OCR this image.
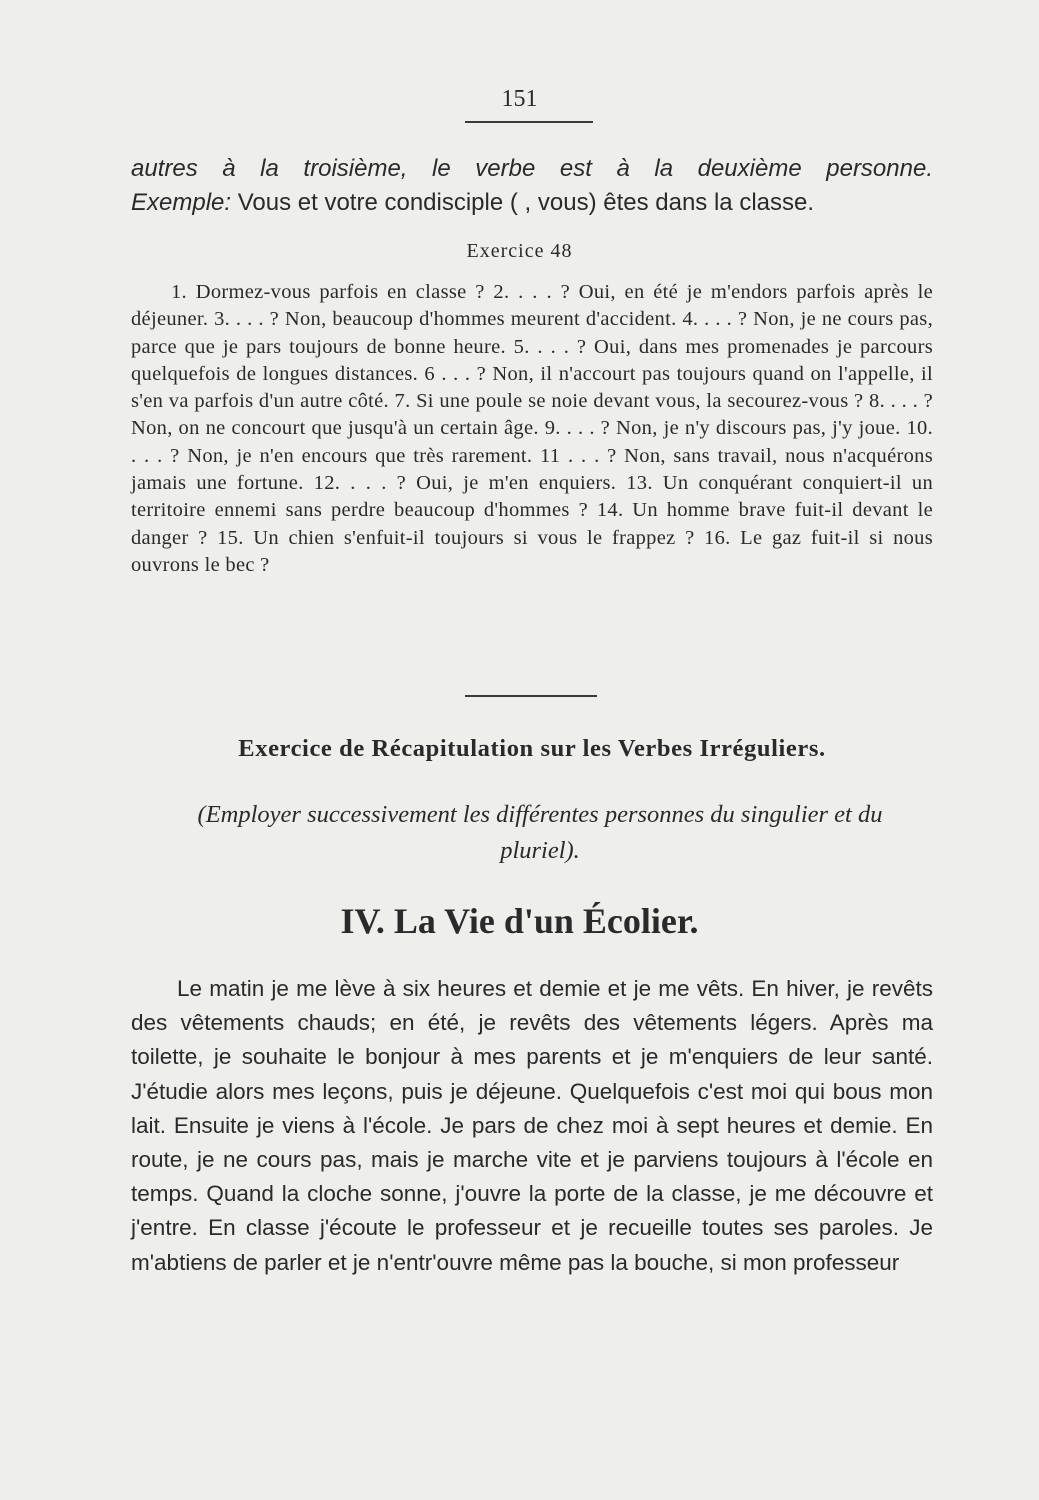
151
autres à la troisième, le verbe est à la deuxième personne.
Exemple: Vous et votre condisciple ( , vous) êtes dans la classe.
Exercice 48
1. Dormez-vous parfois en classe ? 2. . . . ? Oui, en été je m'endors parfois après le déjeuner. 3. . . . ? Non, beaucoup d'hommes meurent d'accident. 4. . . . ? Non, je ne cours pas, parce que je pars toujours de bonne heure. 5. . . . ? Oui, dans mes promenades je parcours quelquefois de longues distances. 6 . . . ? Non, il n'accourt pas toujours quand on l'appelle, il s'en va parfois d'un autre côté. 7. Si une poule se noie devant vous, la secourez-vous ? 8. . . . ? Non, on ne concourt que jusqu'à un certain âge. 9. . . . ? Non, je n'y discours pas, j'y joue. 10. . . . ? Non, je n'en encours que très rarement. 11 . . . ? Non, sans travail, nous n'acquérons jamais une fortune. 12. . . . ? Oui, je m'en enquiers. 13. Un conquérant conquiert-il un territoire ennemi sans perdre beaucoup d'hommes ? 14. Un homme brave fuit-il devant le danger ? 15. Un chien s'enfuit-il toujours si vous le frappez ? 16. Le gaz fuit-il si nous ouvrons le bec ?
Exercice de Récapitulation sur les Verbes Irréguliers.
(Employer successivement les différentes personnes du singulier et du pluriel).
IV. La Vie d'un Écolier.
Le matin je me lève à six heures et demie et je me vêts. En hiver, je revêts des vêtements chauds; en été, je revêts des vêtements légers. Après ma toilette, je souhaite le bonjour à mes parents et je m'enquiers de leur santé. J'étudie alors mes leçons, puis je déjeune. Quelquefois c'est moi qui bous mon lait. Ensuite je viens à l'école. Je pars de chez moi à sept heures et demie. En route, je ne cours pas, mais je marche vite et je parviens toujours à l'école en temps. Quand la cloche sonne, j'ouvre la porte de la classe, je me découvre et j'entre. En classe j'écoute le professeur et je recueille toutes ses paroles. Je m'abtiens de parler et je n'entr'ouvre même pas la bouche, si mon professeur
